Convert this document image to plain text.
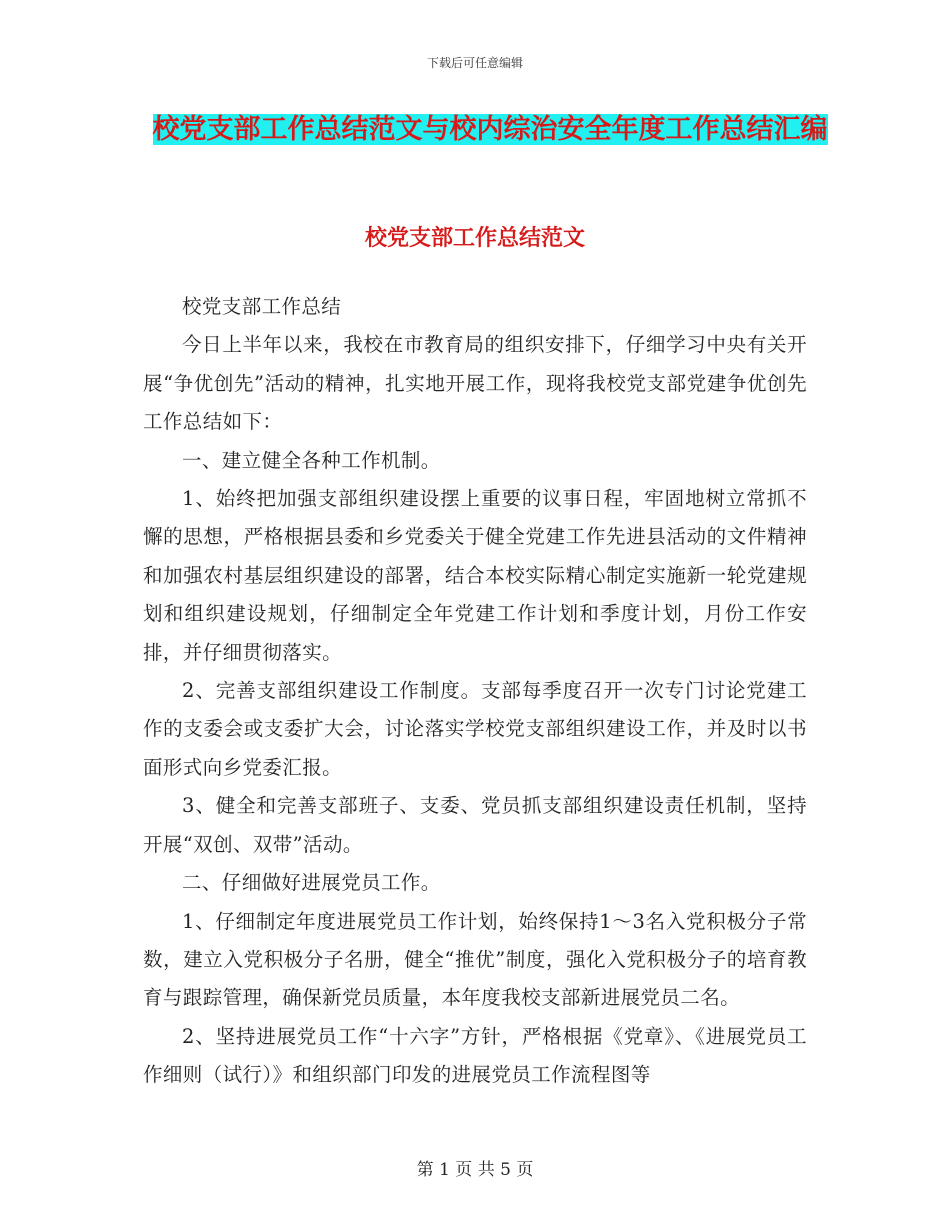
下载后可任意编辑
校党支部工作总结范文与校内综治安全年度工作总结汇编
校党支部工作总结范文

校党支部工作总结

今日上半年以来，我校在市教育局的组织安排下，仔细学习中央有关开展“争优创先”活动的精神，扎实地开展工作，现将我校党支部党建争优创先工作总结如下：

一、建立健全各种工作机制。

1、始终把加强支部组织建设摆上重要的议事日程，牢固地树立常抓不懈的思想，严格根据县委和乡党委关于健全党建工作先进县活动的文件精神和加强农村基层组织建设的部署，结合本校实际精心制定实施新一轮党建规划和组织建设规划，仔细制定全年党建工作计划和季度计划，月份工作安排，并仔细贯彻落实。

2、完善支部组织建设工作制度。支部每季度召开一次专门讨论党建工作的支委会或支委扩大会，讨论落实学校党支部组织建设工作，并及时以书面形式向乡党委汇报。

3、健全和完善支部班子、支委、党员抓支部组织建设责任机制，坚持开展“双创、双带”活动。

二、仔细做好进展党员工作。

1、仔细制定年度进展党员工作计划，始终保持1～3名入党积极分子常数，建立入党积极分子名册，健全“推优”制度，强化入党积极分子的培育教育与跟踪管理，确保新党员质量，本年度我校支部新进展党员二名。

2、坚持进展党员工作“十六字”方针，严格根据《党章》、《进展党员工作细则（试行）》和组织部门印发的进展党员工作流程图等

第 1 页 共 5 页
